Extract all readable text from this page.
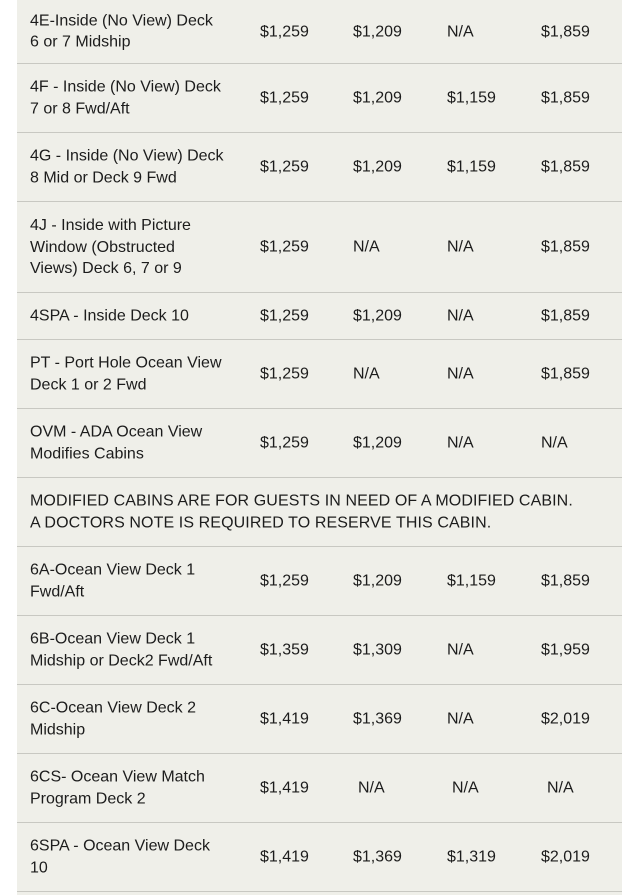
4E-Inside (No View) Deck
6 or 7 Midship
$1,259	$1,209	N/A	$1,859
4F - Inside (No View) Deck
7 or 8 Fwd/Aft
$1,259	$1,209	$1,159	$1,859
4G - Inside (No View) Deck
8 Mid or Deck 9 Fwd
$1,259	$1,209	$1,159	$1,859
4J - Inside with Picture
Window (Obstructed
Views) Deck 6, 7 or 9
$1,259	N/A	N/A	$1,859
4SPA - Inside Deck 10	$1,259	$1,209	N/A	$1,859
PT - Port Hole Ocean View
Deck 1 or 2 Fwd
$1,259	N/A	N/A	$1,859
OVM - ADA Ocean View
Modifies Cabins
$1,259	$1,209	N/A	N/A
MODIFIED CABINS ARE FOR GUESTS IN NEED OF A MODIFIED CABIN.
A DOCTORS NOTE IS REQUIRED TO RESERVE THIS CABIN.
6A-Ocean View Deck 1
Fwd/Aft
$1,259	$1,209	$1,159	$1,859
6B-Ocean View Deck 1
Midship or Deck2 Fwd/Aft
$1,359	$1,309	N/A	$1,959
6C-Ocean View Deck 2
Midship
$1,419	$1,369	N/A	$2,019
6CS- Ocean View Match
Program Deck 2
$1,419	N/A	N/A	N/A
6SPA - Ocean View Deck
10
$1,419	$1,369	$1,319	$2,019
